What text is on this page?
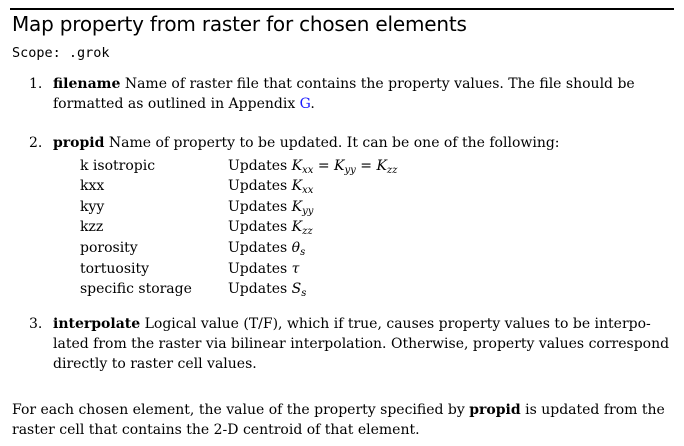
Map property from raster for chosen elements
Scope: .grok
1. filename Name of raster file that contains the property values. The file should be
formatted as outlined in Appendix G.
2. propid Name of property to be updated. It can be one of the following:
k isotropic	Updates $K_{xx} = K_{yy} = K_{zz}$
kxx	Updates $K_{xx}$
kyy	Updates $K_{yy}$
kzz	Updates $K_{zz}$
porosity	Updates $\theta_s$
tortuosity	Updates τ
specific storage	Updates $S_s$
3. interpolate Logical value (T/F), which if true, causes property values to be interpo-
lated from the raster via bilinear interpolation. Otherwise, property values correspond
directly to raster cell values.
For each chosen element, the value of the property specified by propid is updated from the
raster cell that contains the 2-D centroid of that element.
